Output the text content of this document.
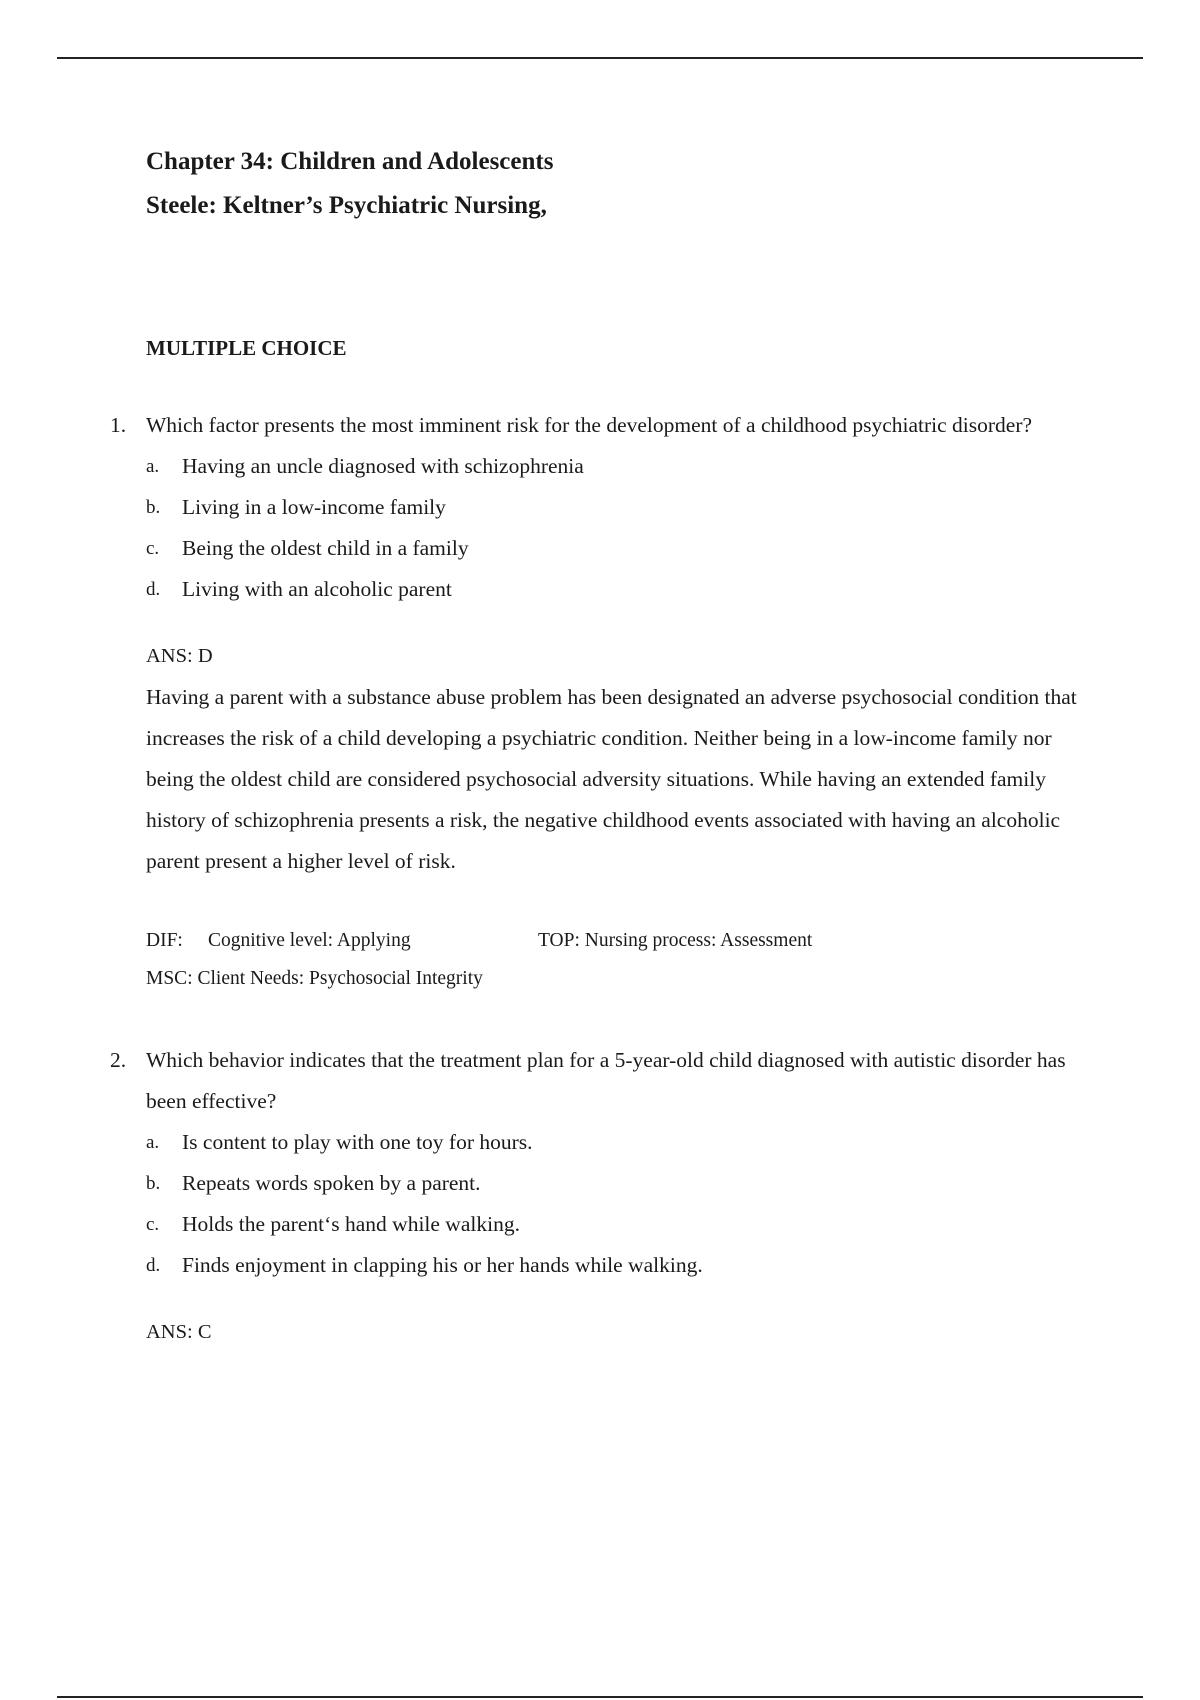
Chapter 34: Children and Adolescents
Steele: Keltner’s Psychiatric Nursing,
MULTIPLE CHOICE
1. Which factor presents the most imminent risk for the development of a childhood psychiatric disorder?

a.	Having an uncle diagnosed with schizophrenia
b.	Living in a low-income family
c.	Being the oldest child in a family
d.	Living with an alcoholic parent
ANS: D

Having a parent with a substance abuse problem has been designated an adverse psychosocial condition that increases the risk of a child developing a psychiatric condition. Neither being in a low-income family nor being the oldest child are considered psychosocial adversity situations. While having an extended family history of schizophrenia presents a risk, the negative childhood events associated with having an alcoholic parent present a higher level of risk.

DIF:	Cognitive level: Applying	TOP: Nursing process: Assessment
MSC: Client Needs: Psychosocial Integrity
2. Which behavior indicates that the treatment plan for a 5-year-old child diagnosed with autistic disorder has been effective?

a.	Is content to play with one toy for hours.
b.	Repeats words spoken by a parent.
c.	Holds the parent‘s hand while walking.
d.	Finds enjoyment in clapping his or her hands while walking.
ANS: C
